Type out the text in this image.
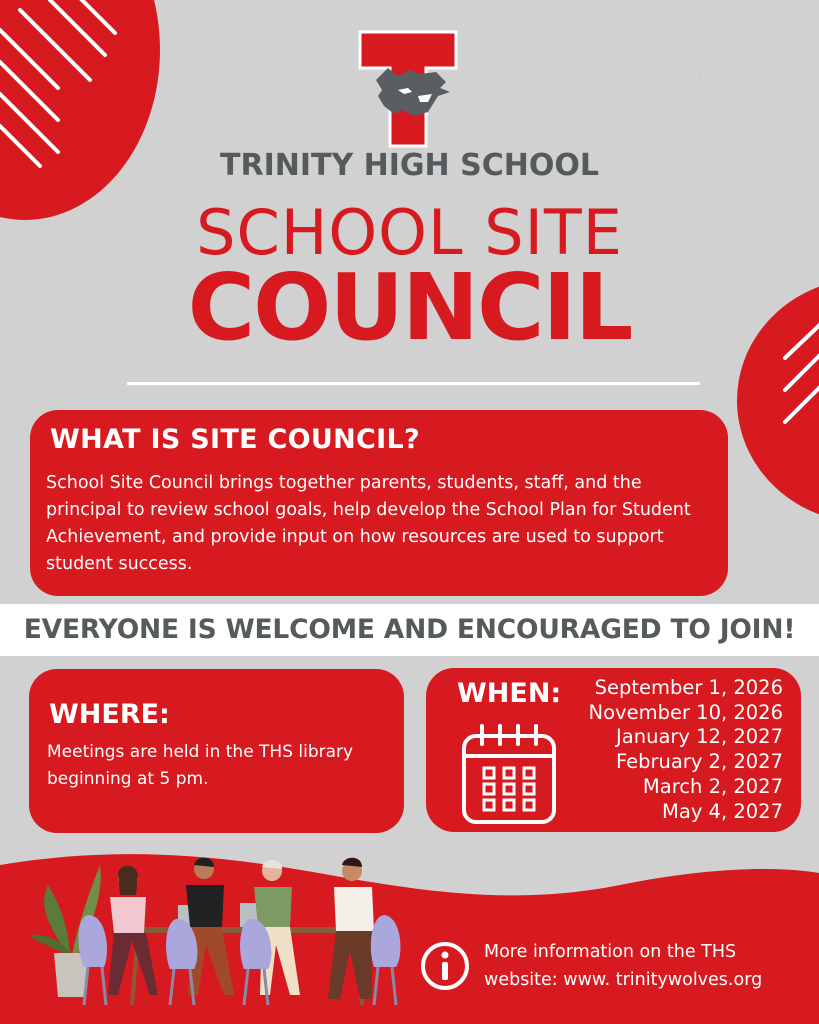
TRINITY HIGH SCHOOL
SCHOOL SITE
COUNCIL
WHAT IS SITE COUNCIL?

School Site Council brings together parents, students, staff, and the principal to review school goals, help develop the School Plan for Student Achievement, and provide input on how resources are used to support student success.

EVERYONE IS WELCOME AND ENCOURAGED TO JOIN!
WHERE:

Meetings are held in the THS library beginning at 5 pm.

WHEN:	September 1, 2026
November 10, 2026
January 12, 2027
February 2, 2027
March 2, 2027
May 4, 2027
More information on the THS
website: www. trinitywolves.org
